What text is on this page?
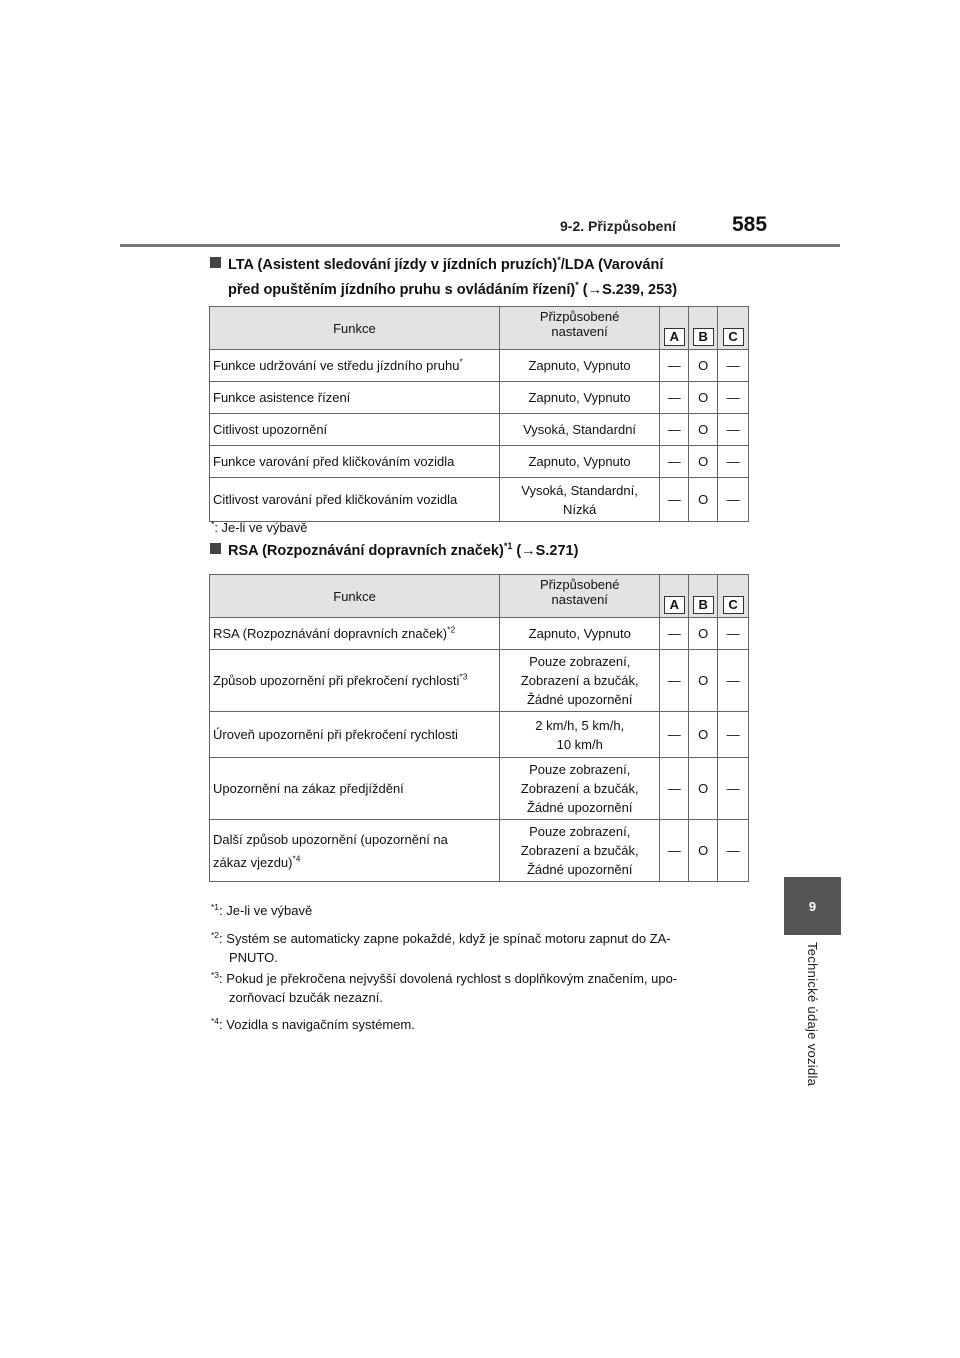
9-2. Přizpůsobení	585
9
Technické údaje vozidla
LTA (Asistent sledování jízdy v jízdních pruzích)*/LDA (Varování
před opuštěním jízdního pruhu s ovládáním řízení)* (→S.239, 253)
Funkce	Přizpůsobené nastavení	A	B	C
Funkce udržování ve středu jízdního pruhu*	Zapnuto, Vypnuto	—	O	—
Funkce asistence řízení	Zapnuto, Vypnuto	—	O	—
Citlivost upozornění	Vysoká, Standardní	—	O	—
Funkce varování před kličkováním vozidla	Zapnuto, Vypnuto	—	O	—
Citlivost varování před kličkováním vozidla	Vysoká, Standardní,
Nízká	—	O	—
*: Je-li ve výbavě
RSA (Rozpoznávání dopravních značek)$^{*1}$ (→S.271)
Funkce	Přizpůsobené nastavení	A	B	C
RSA (Rozpoznávání dopravních značek)$^{*2}$	Zapnuto, Vypnuto	—	O	—
Způsob upozornění při překročení rychlosti$^{*3}$	Pouze zobrazení,
Zobrazení a bzučák,
Žádné upozornění	—	O	—
Úroveň upozornění při překročení rychlosti	2 km/h, 5 km/h,
10 km/h	—	O	—
Upozornění na zákaz předjíždění	Pouze zobrazení,
Zobrazení a bzučák,
Žádné upozornění	—	O	—
Další způsob upozornění (upozornění na
zákaz vjezdu)$^{*4}$	Pouze zobrazení,
Zobrazení a bzučák,
Žádné upozornění	—	O	—
$^{*1}$: Je-li ve výbavě
$^{*2}$: Systém se automaticky zapne pokaždé, když je spínač motoru zapnut do ZA-
PNUTO.
$^{*3}$: Pokud je překročena nejvyšší dovolená rychlost s doplňkovým značením, upo-
zorňovací bzučák nezazní.
$^{*4}$: Vozidla s navigačním systémem.
